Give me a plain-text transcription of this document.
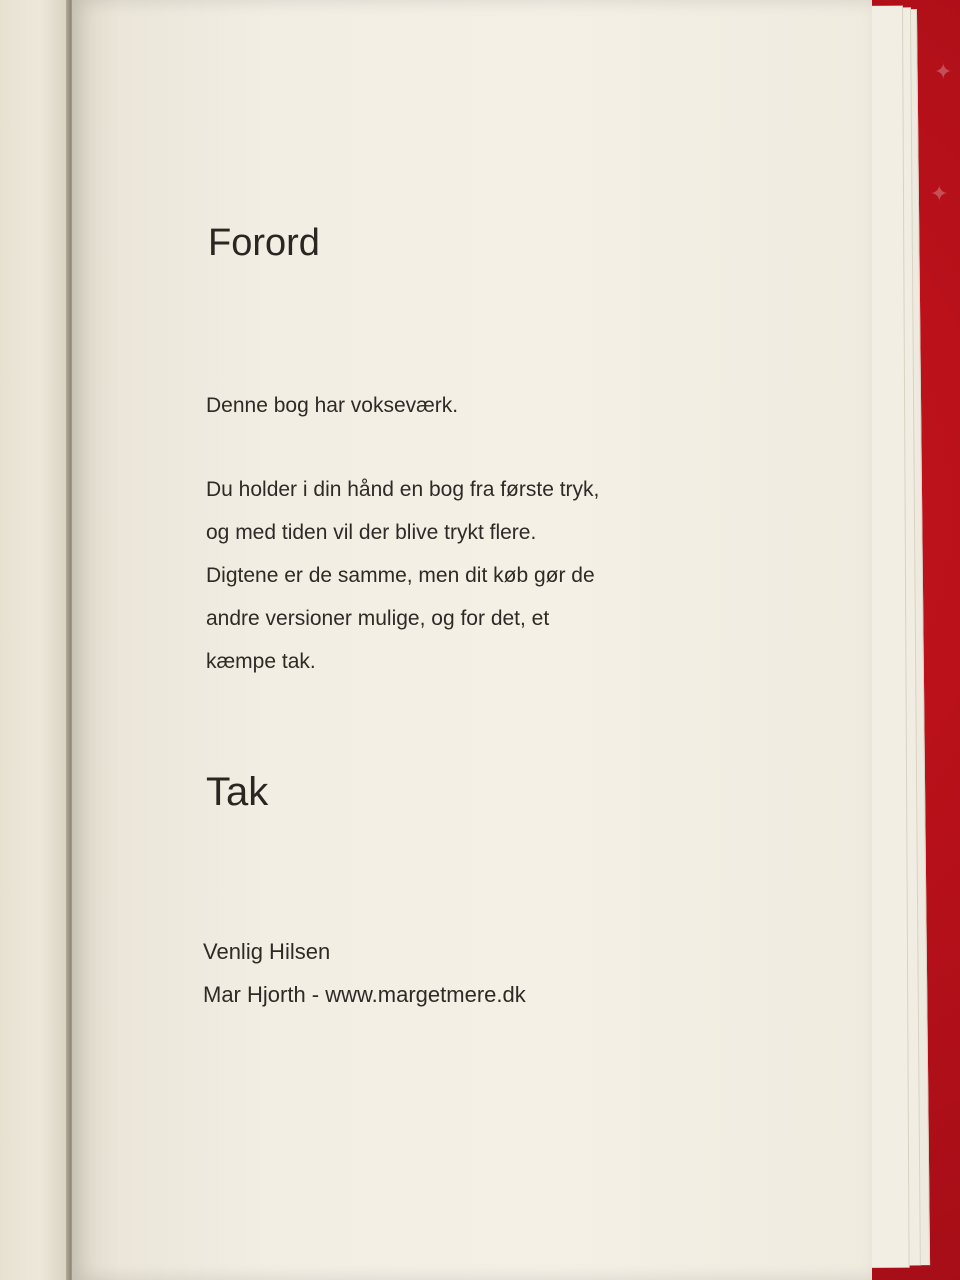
✦
✦
Forord

Denne bog har vokseværk.

Du holder i din hånd en bog fra første tryk,
og med tiden vil der blive trykt flere.
Digtene er de samme, men dit køb gør de
andre versioner mulige, og for det, et
kæmpe tak.

Tak
Venlig Hilsen
Mar Hjorth - www.margetmere.dk
